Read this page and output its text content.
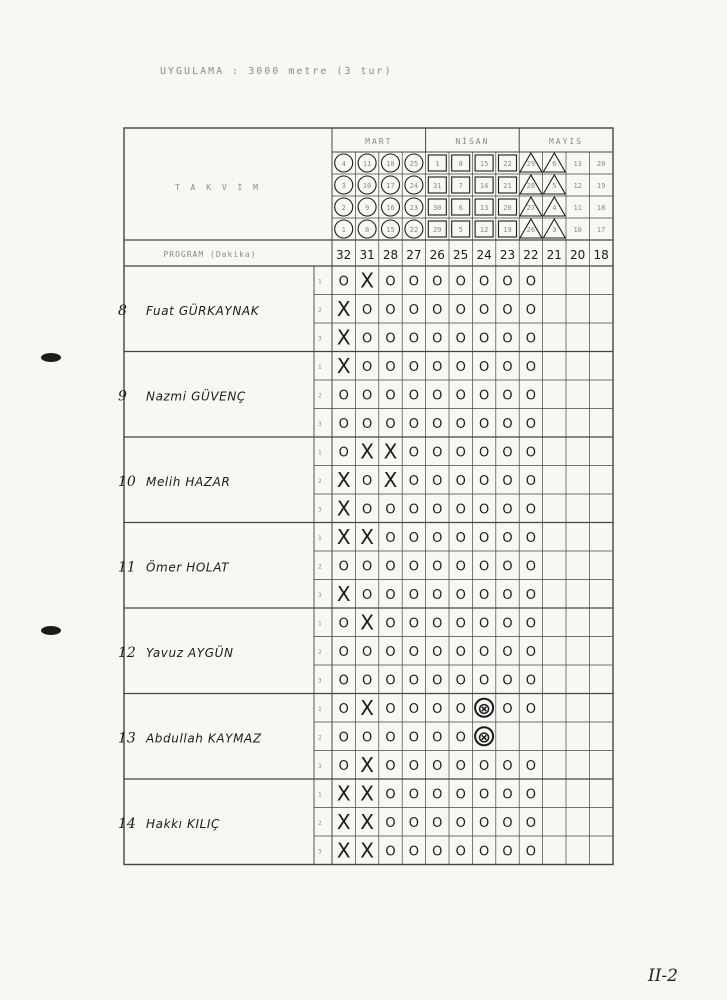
UYGULAMA : 3000 metre (3 tur)
MART	NİSAN	MAYIS
T A K V İ M
4 11 18 25 1	8 15 22 29 6 13 20
3 10 17 24 31 7 14 21 28 5 12 19
2	9 16 23 30 6 13 20 27 4 11 18
1	8 15 22 29 5 12 19 26 3 10 17
PROGRAM (Dakika)	32 31 28 27 26 25 24 23 22 21 20 18
8 Fuat GÜRKAYNAK
1 O X O O O O O O O
2 X O O O O O O O O
3 X O O O O O O O O
9 Nazmi GÜVENÇ
1 X O O O O O O O O
2 O O O O O O O O O
3 O O O O O O O O O
10 Melih HAZAR
1 O X X O O O O O O
2 X O X O O O O O O
3 X O O O O O O O O
11 Ömer HOLAT
1 X X O O O O O O O
2 O O O O O O O O O
3 X O O O O O O O O
12 Yavuz AYGÜN
1 O X O O O O O O O
2 O O O O O O O O O
3 O O O O O O O O O
13 Abdullah KAYMAZ
1 O X O O O O ⊗ O O
2 O O O O O O ⊗
3 O X O O O O O O O
14 Hakkı KILIÇ
1 X X O O O O O O O
2 X X O O O O O O O
3 X X O O O O O O O
II-2
